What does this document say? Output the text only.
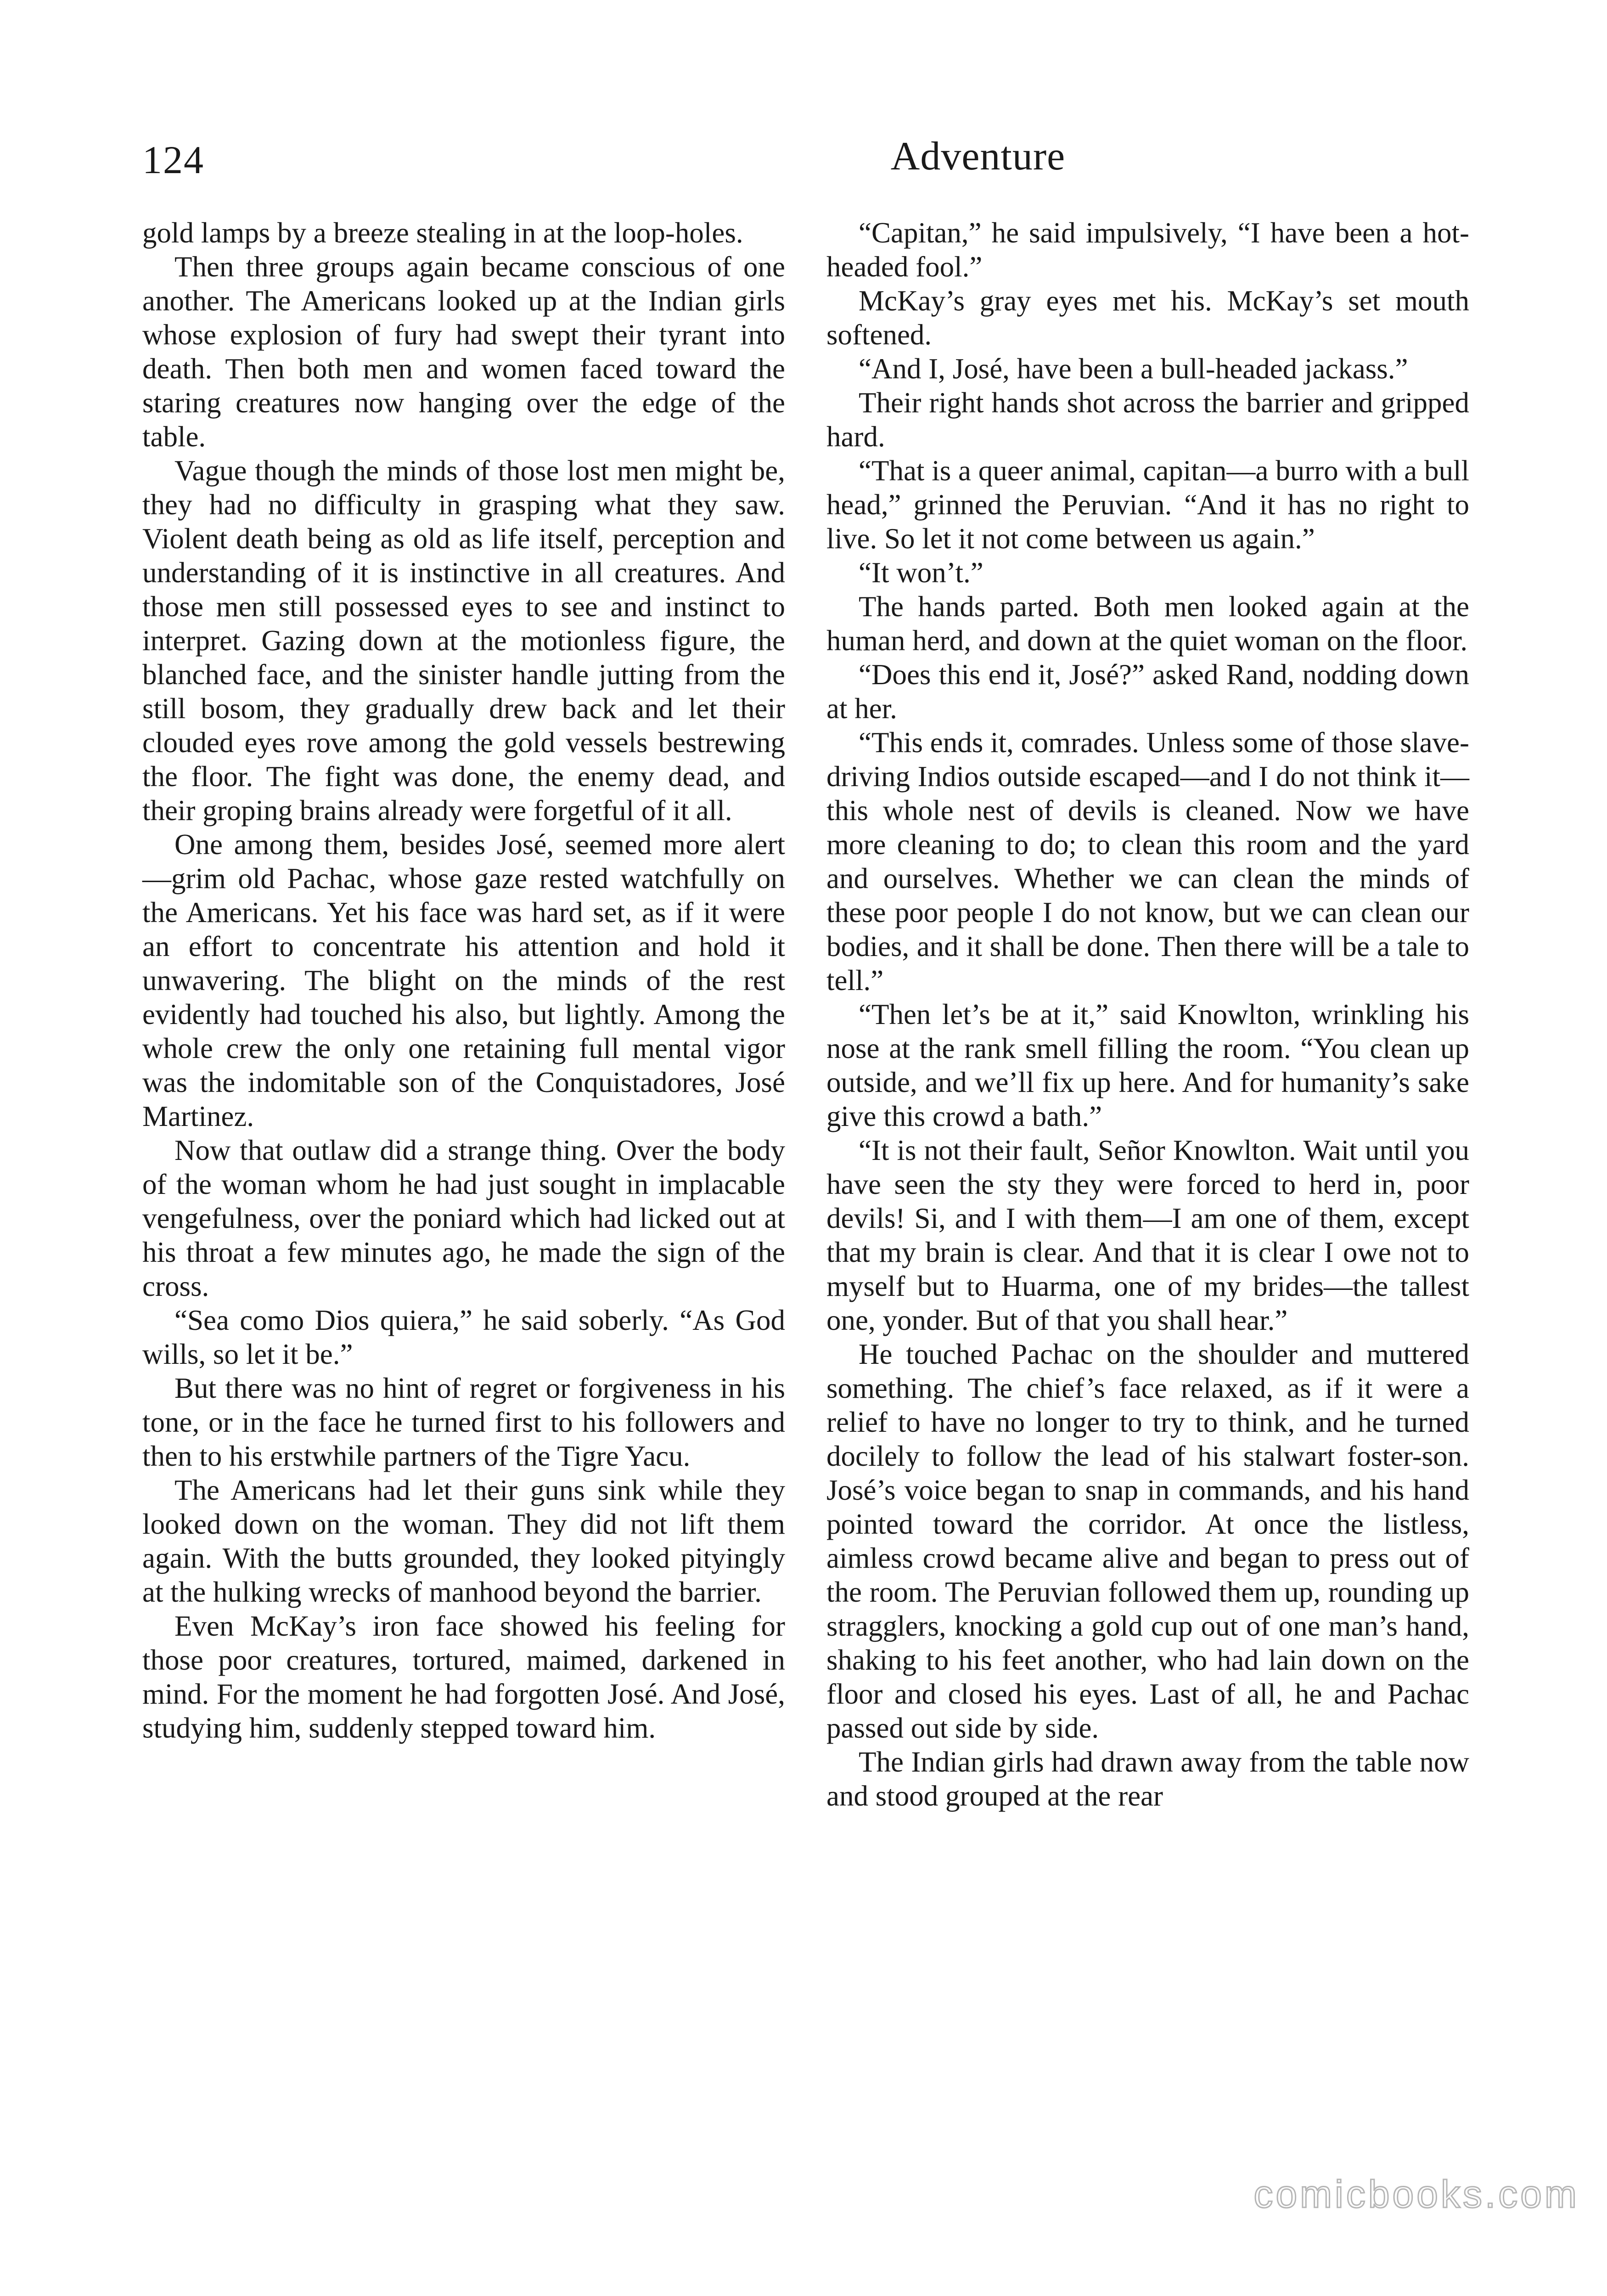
124	Adventure

gold lamps by a breeze stealing in at the loop-holes.

Then three groups again became conscious of one another. The Americans looked up at the Indian girls whose explosion of fury had swept their tyrant into death. Then both men and women faced toward the staring creatures now hanging over the edge of the table.

Vague though the minds of those lost men might be, they had no difficulty in grasping what they saw. Violent death being as old as life itself, perception and understanding of it is instinctive in all creatures. And those men still possessed eyes to see and instinct to interpret. Gazing down at the motionless figure, the blanched face, and the sinister handle jutting from the still bosom, they gradually drew back and let their clouded eyes rove among the gold vessels bestrewing the floor. The fight was done, the enemy dead, and their groping brains already were forgetful of it all.

One among them, besides José, seemed more alert—grim old Pachac, whose gaze rested watchfully on the Americans. Yet his face was hard set, as if it were an effort to concentrate his attention and hold it unwavering. The blight on the minds of the rest evidently had touched his also, but lightly. Among the whole crew the only one retaining full mental vigor was the indomitable son of the Conquistadores, José Martinez.

Now that outlaw did a strange thing. Over the body of the woman whom he had just sought in implacable vengefulness, over the poniard which had licked out at his throat a few minutes ago, he made the sign of the cross.

“Sea como Dios quiera,” he said soberly. “As God wills, so let it be.”

But there was no hint of regret or forgiveness in his tone, or in the face he turned first to his followers and then to his erstwhile partners of the Tigre Yacu.

The Americans had let their guns sink while they looked down on the woman. They did not lift them again. With the butts grounded, they looked pityingly at the hulking wrecks of manhood beyond the barrier.

Even McKay’s iron face showed his feeling for those poor creatures, tortured, maimed, darkened in mind. For the moment he had forgotten José. And José, studying him, suddenly stepped toward him.

“Capitan,” he said impulsively, “I have been a hot-headed fool.”

McKay’s gray eyes met his. McKay’s set mouth softened.

“And I, José, have been a bull-headed jackass.”

Their right hands shot across the barrier and gripped hard.

“That is a queer animal, capitan—a burro with a bull head,” grinned the Peruvian. “And it has no right to live. So let it not come between us again.”

“It won’t.”

The hands parted. Both men looked again at the human herd, and down at the quiet woman on the floor.

“Does this end it, José?” asked Rand, nodding down at her.

“This ends it, comrades. Unless some of those slave-driving Indios outside escaped—and I do not think it—this whole nest of devils is cleaned. Now we have more cleaning to do; to clean this room and the yard and ourselves. Whether we can clean the minds of these poor people I do not know, but we can clean our bodies, and it shall be done. Then there will be a tale to tell.”

“Then let’s be at it,” said Knowlton, wrinkling his nose at the rank smell filling the room. “You clean up outside, and we’ll fix up here. And for humanity’s sake give this crowd a bath.”

“It is not their fault, Señor Knowlton. Wait until you have seen the sty they were forced to herd in, poor devils! Si, and I with them—I am one of them, except that my brain is clear. And that it is clear I owe not to myself but to Huarma, one of my brides—the tallest one, yonder. But of that you shall hear.”

He touched Pachac on the shoulder and muttered something. The chief’s face relaxed, as if it were a relief to have no longer to try to think, and he turned docilely to follow the lead of his stalwart foster-son. José’s voice began to snap in commands, and his hand pointed toward the corridor. At once the listless, aimless crowd became alive and began to press out of the room. The Peruvian followed them up, rounding up stragglers, knocking a gold cup out of one man’s hand, shaking to his feet another, who had lain down on the floor and closed his eyes. Last of all, he and Pachac passed out side by side.

The Indian girls had drawn away from the table now and stood grouped at the rear

comicbooks.com
